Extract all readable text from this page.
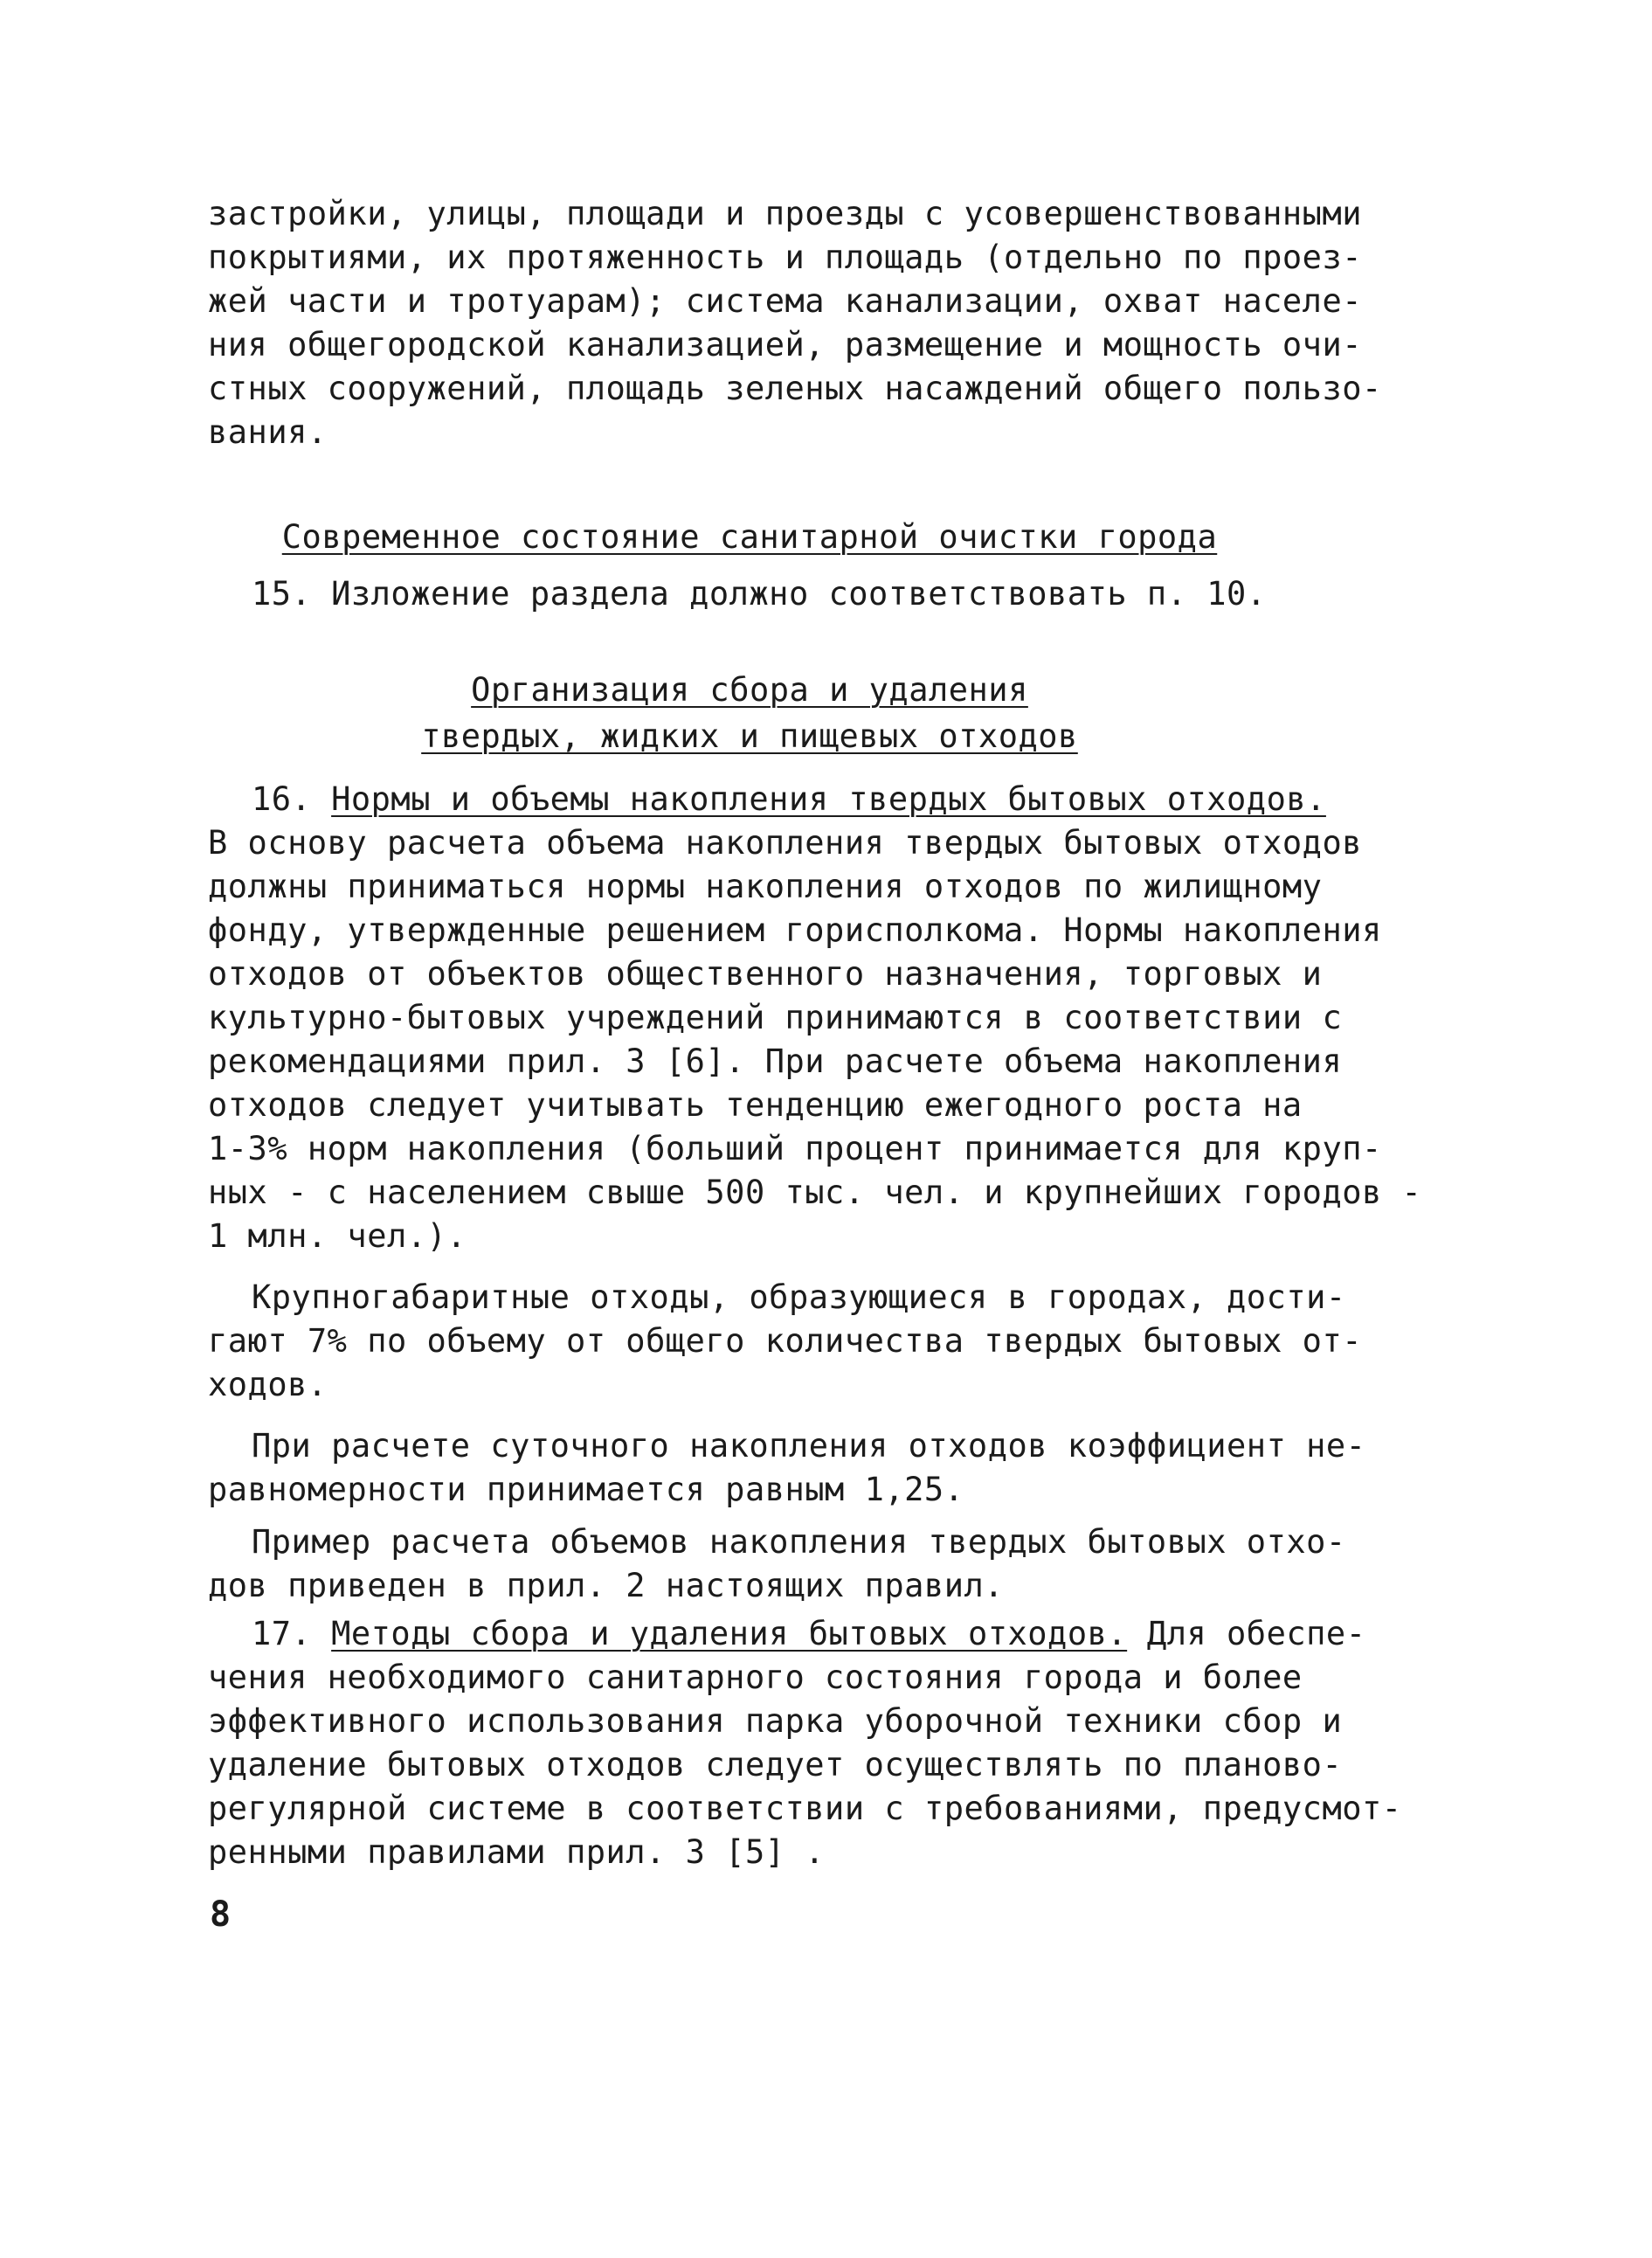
застройки, улицы, площади и проезды с усовершенствованными
покрытиями, их протяженность и площадь (отдельно по проез-
жей части и тротуарам); система канализации, охват населе-
ния общегородской канализацией, размещение и мощность очи-
стных сооружений, площадь зеленых насаждений общего пользо-
вания.
Современное состояние санитарной очистки города
15. Изложение раздела должно соответствовать п. 10.
Организация сбора и удаления
твердых, жидких и пищевых отходов
16. Нормы и объемы накопления твердых бытовых отходов.
В основу расчета объема накопления твердых бытовых отходов
должны приниматься нормы накопления отходов по жилищному
фонду, утвержденные решением горисполкома. Нормы накопления
отходов от объектов общественного назначения, торговых и
культурно-бытовых учреждений принимаются в соответствии с
рекомендациями прил. 3 [6]. При расчете объема накопления
отходов следует учитывать тенденцию ежегодного роста на
1-3% норм накопления (больший процент принимается для круп-
ных - с населением свыше 500 тыс. чел. и крупнейших городов -
1 млн. чел.).
Крупногабаритные отходы, образующиеся в городах, дости-
гают 7% по объему от общего количества твердых бытовых от-
ходов.
При расчете суточного накопления отходов коэффициент не-
равномерности принимается равным 1,25.
Пример расчета объемов накопления твердых бытовых отхо-
дов приведен в прил. 2 настоящих правил.
17. Методы сбора и удаления бытовых отходов. Для обеспе-
чения необходимого санитарного состояния города и более
эффективного использования парка уборочной техники сбор и
удаление бытовых отходов следует осуществлять по планово-
регулярной системе в соответствии с требованиями, предусмот-
ренными правилами прил. 3 [5] .
8
